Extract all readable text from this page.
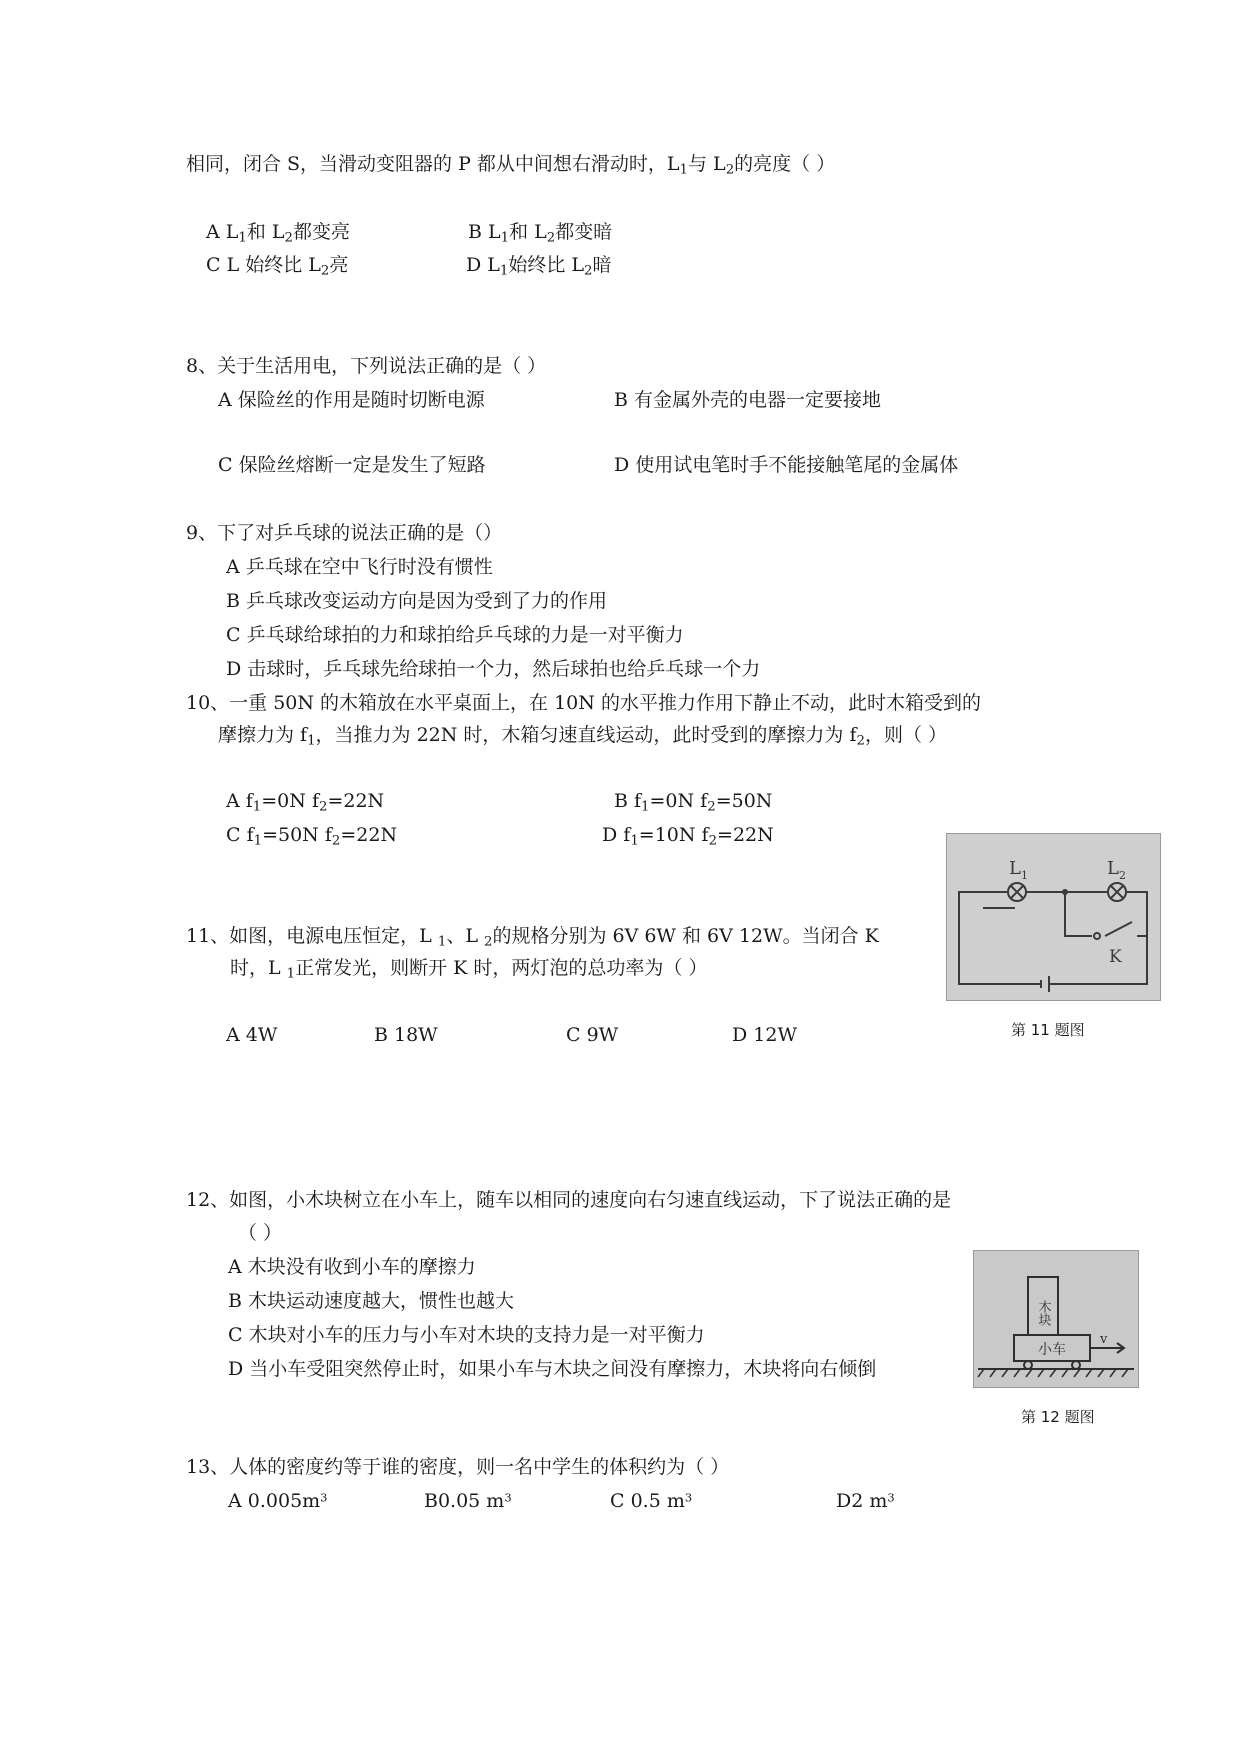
相同，闭合 S，当滑动变阻器的 P 都从中间想右滑动时，$L_1$与 $L_2$的亮度（ ）
A $L_1$和 $L_2$都变亮	B $L_1$和 $L_2$都变暗
C L 始终比 $L_2$亮	D $L_1$始终比 $L_2$暗
8、关于生活用电，下列说法正确的是（ ）
A 保险丝的作用是随时切断电源	B 有金属外壳的电器一定要接地
C 保险丝熔断一定是发生了短路	D 使用试电笔时手不能接触笔尾的金属体
9、下了对乒乓球的说法正确的是（）
A 乒乓球在空中飞行时没有惯性
B 乒乓球改变运动方向是因为受到了力的作用
C 乒乓球给球拍的力和球拍给乒乓球的力是一对平衡力
D 击球时，乒乓球先给球拍一个力，然后球拍也给乒乓球一个力
10、一重 50N 的木箱放在水平桌面上，在 10N 的水平推力作用下静止不动，此时木箱受到的
摩擦力为 $f_1$，当推力为 22N 时，木箱匀速直线运动，此时受到的摩擦力为 $f_2$，则（ ）
A $f_1=0N$ $f_2=22N$	B $f_1=0N$ $f_2=50N$
C $f_1=50N$ $f_2=22N$	D $f_1=10N$ $f_2=22N$
$L_1$	$L_2$
K
11、如图，电源电压恒定，L $_1$、L $_2$的规格分别为 6V 6W 和 6V 12W。当闭合 K
时，L $_1$正常发光，则断开 K 时，两灯泡的总功率为（ ）
A 4W	B 18W	C 9W	D 12W	第 11 题图
12、如图，小木块树立在小车上，随车以相同的速度向右匀速直线运动，下了说法正确的是
（ ）
A 木块没有收到小车的摩擦力
B 木块运动速度越大，惯性也越大
C 木块对小车的压力与小车对木块的支持力是一对平衡力
D 当小车受阻突然停止时，如果小车与木块之间没有摩擦力，木块将向右倾倒
木块
小车
v
第 12 题图
13、人体的密度约等于谁的密度，则一名中学生的体积约为（ ）
A $0.005m^3$	B0.05 $m^3$	C 0.5 $m^3$	D2 $m^3$
